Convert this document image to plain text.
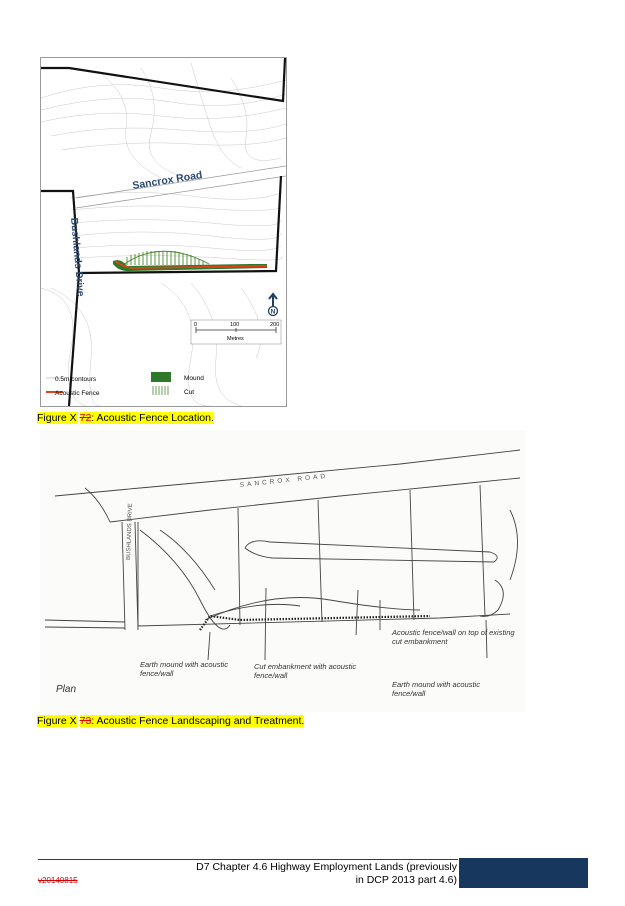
Sancrox Road
Bushlands Drive
N
0	100	200
Metres
0.5m contours
Acoustic Fence
Mound
Cut
Figure X 72: Acoustic Fence Location.
SANCROX ROAD
BUSHLANDS DRIVE
Plan
Earth mound with acoustic fence/wall
Cut embankment with acoustic fence/wall
Acoustic fence/wall on top of existing cut embankment
Earth mound with acoustic fence/wall
Figure X 73: Acoustic Fence Landscaping and Treatment.
D7 Chapter 4.6 Highway Employment Lands (previously
in DCP 2013 part 4.6)
v20140815
